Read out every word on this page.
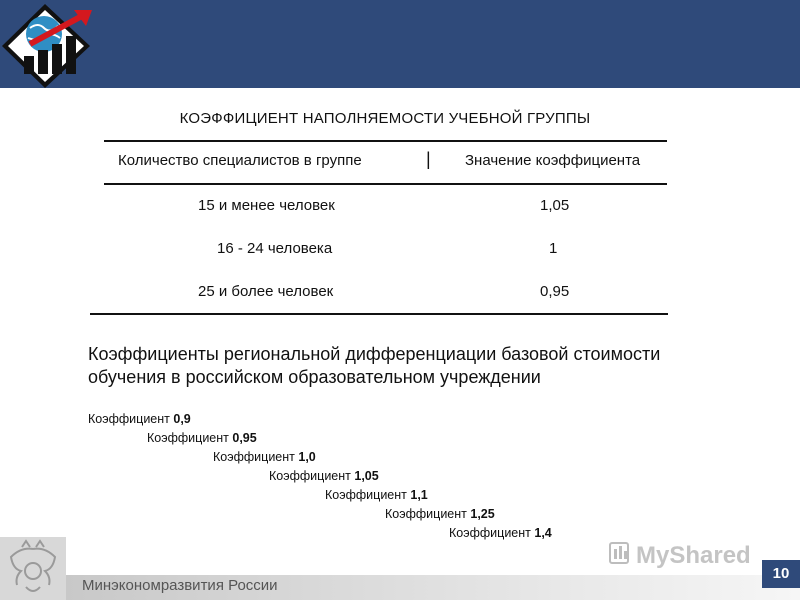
КОЭФФИЦИЕНТ НАПОЛНЯЕМОСТИ УЧЕБНОЙ ГРУППЫ
Количество специалистов в группе	| Значение коэффициента
15 и менее человек	1,05
16 - 24 человека	1
25 и более человек	0,95
Коэффициенты региональной дифференциации базовой стоимости обучения в российском образовательном учреждении
Коэффициент 0,9
Коэффициент 0,95
Коэффициент 1,0
Коэффициент 1,05
Коэффициент 1,1
Коэффициент 1,25
Коэффициент 1,4
Минэкономразвития России
MyShared
10
